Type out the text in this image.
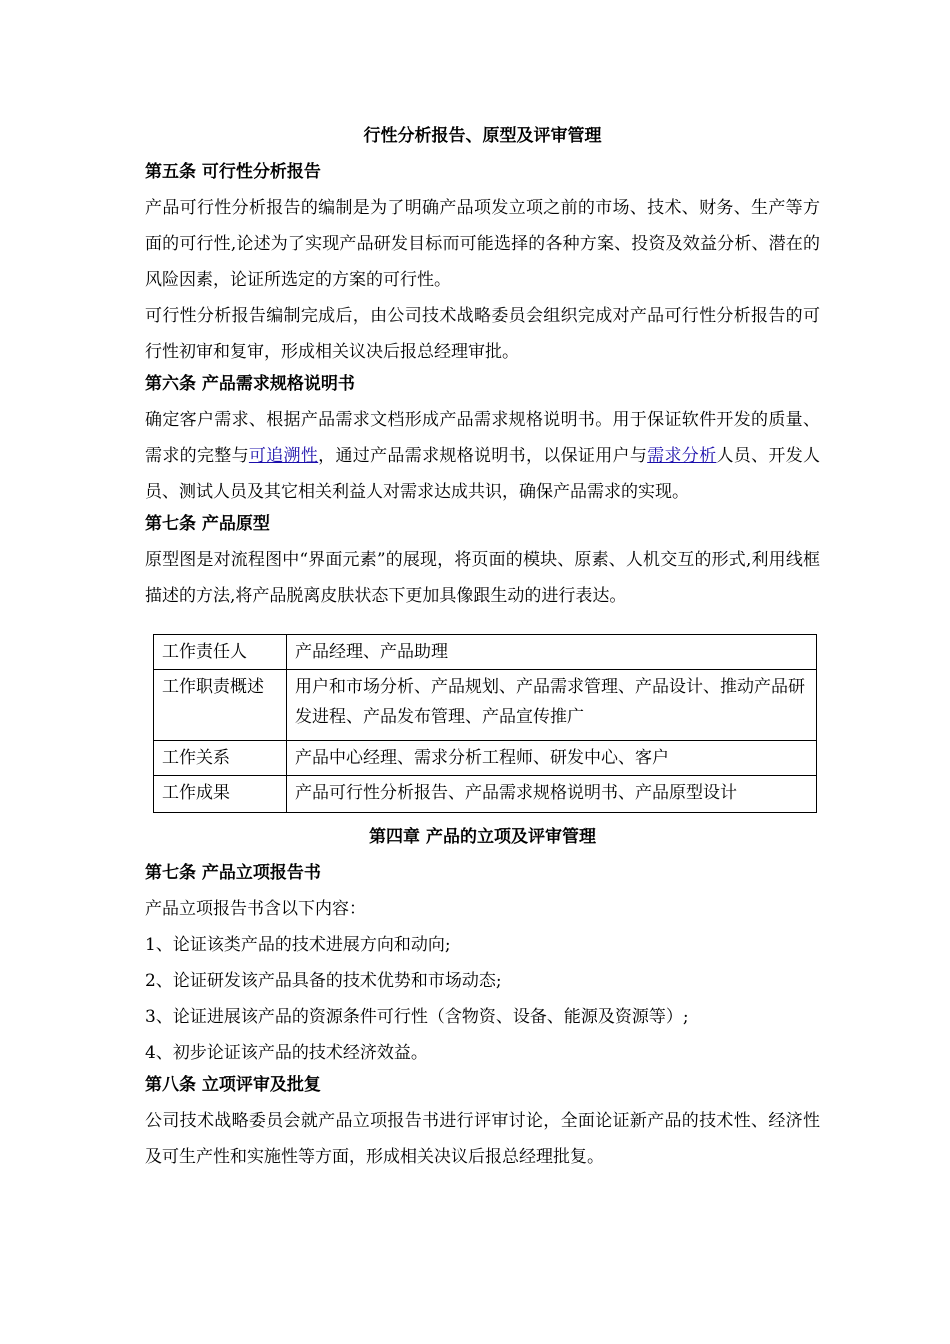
行性分析报告、原型及评审管理
第五条 可行性分析报告

产品可行性分析报告的编制是为了明确产品项发立项之前的市场、技术、财务、生产等方面的可行性,论述为了实现产品研发目标而可能选择的各种方案、投资及效益分析、潜在的风险因素，论证所选定的方案的可行性。

可行性分析报告编制完成后，由公司技术战略委员会组织完成对产品可行性分析报告的可行性初审和复审，形成相关议决后报总经理审批。

第六条 产品需求规格说明书

确定客户需求、根据产品需求文档形成产品需求规格说明书。用于保证软件开发的质量、需求的完整与可追溯性，通过产品需求规格说明书，以保证用户与需求分析人员、开发人员、测试人员及其它相关利益人对需求达成共识，确保产品需求的实现。

第七条 产品原型

原型图是对流程图中“界面元素”的展现，将页面的模块、原素、人机交互的形式,利用线框描述的方法,将产品脱离皮肤状态下更加具像跟生动的进行表达。

工作责任人	产品经理、产品助理
工作职责概述	用户和市场分析、产品规划、产品需求管理、产品设计、推动产品研发进程、产品发布管理、产品宣传推广
工作关系	产品中心经理、需求分析工程师、研发中心、客户
工作成果	产品可行性分析报告、产品需求规格说明书、产品原型设计
第四章 产品的立项及评审管理
第七条 产品立项报告书

产品立项报告书含以下内容：

1、论证该类产品的技术进展方向和动向;

2、论证研发该产品具备的技术优势和市场动态;

3、论证进展该产品的资源条件可行性（含物资、设备、能源及资源等）;

4、初步论证该产品的技术经济效益。

第八条 立项评审及批复

公司技术战略委员会就产品立项报告书进行评审讨论，全面论证新产品的技术性、经济性及可生产性和实施性等方面，形成相关决议后报总经理批复。
